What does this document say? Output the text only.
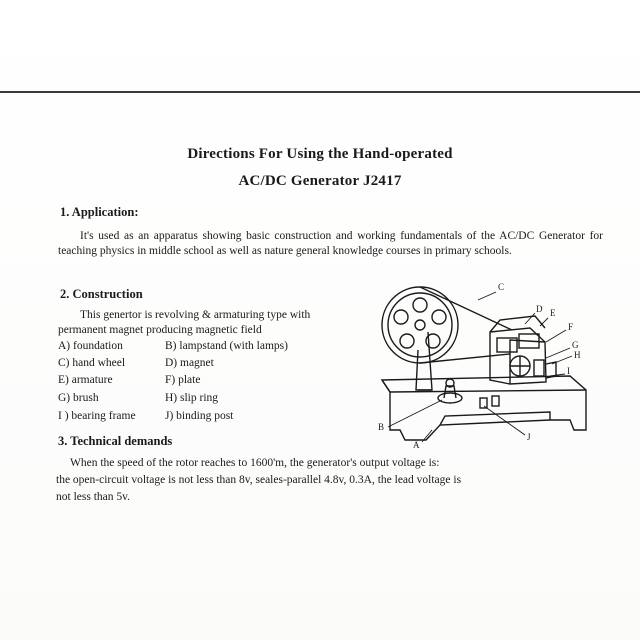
Directions For Using the Hand-operated
AC/DC Generator J2417
1. Application:
It's used as an apparatus showing basic construction and working fundamentals of the AC/DC Generator for teaching physics in middle school as well as nature general knowledge courses in primary schools.
2. Construction
This genertor is revolving & armaturing type with
permanent magnet producing magnetic field
A) foundation	B) lampstand (with lamps)
C) hand wheel	D) magnet
E) armature	F) plate
G) brush	H) slip ring
I ) bearing frame	J) binding post
C
D E
F
G
H
I
B
A
J
3. Technical demands
When the speed of the rotor reaches to 1600'm, the generator's output voltage is:
the open-circuit voltage is not less than 8v, seales-parallel 4.8v, 0.3A, the lead voltage is
not less than 5v.
